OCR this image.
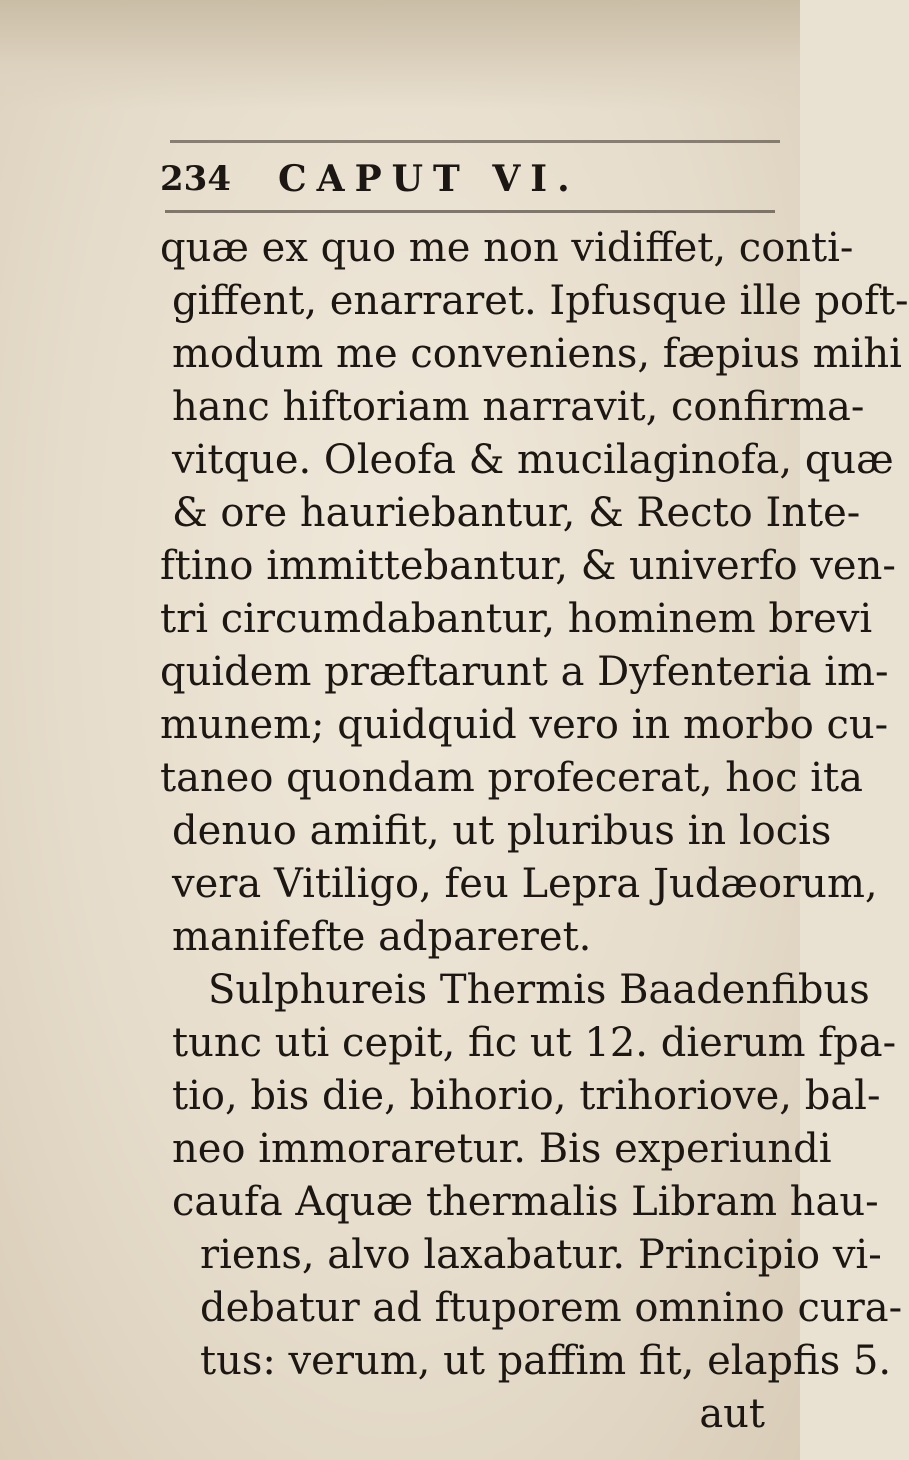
234	CAPUT VI.
quæ ex quo me non vidiffet, conti-
giffent, enarraret. Ipfusque ille poft-
modum me conveniens, fæpius mihi
hanc hiftoriam narravit, confirma-
vitque. Oleofa & mucilaginofa, quæ
& ore hauriebantur, & Recto Inte-
ftino immittebantur, & univerfo ven-
tri circumdabantur, hominem brevi
quidem præftarunt a Dyfenteria im-
munem; quidquid vero in morbo cu-
taneo quondam profecerat, hoc ita
denuo amifit, ut pluribus in locis
vera Vitiligo, feu Lepra Judæorum,
manifefte adpareret.
Sulphureis Thermis Baadenfibus
tunc uti cepit, fic ut 12. dierum fpa-
tio, bis die, bihorio, trihoriove, bal-
neo immoraretur. Bis experiundi
caufa Aquæ thermalis Libram hau-
riens, alvo laxabatur. Principio vi-
debatur ad ftuporem omnino cura-
tus: verum, ut paffim fit, elapfis 5.
aut
